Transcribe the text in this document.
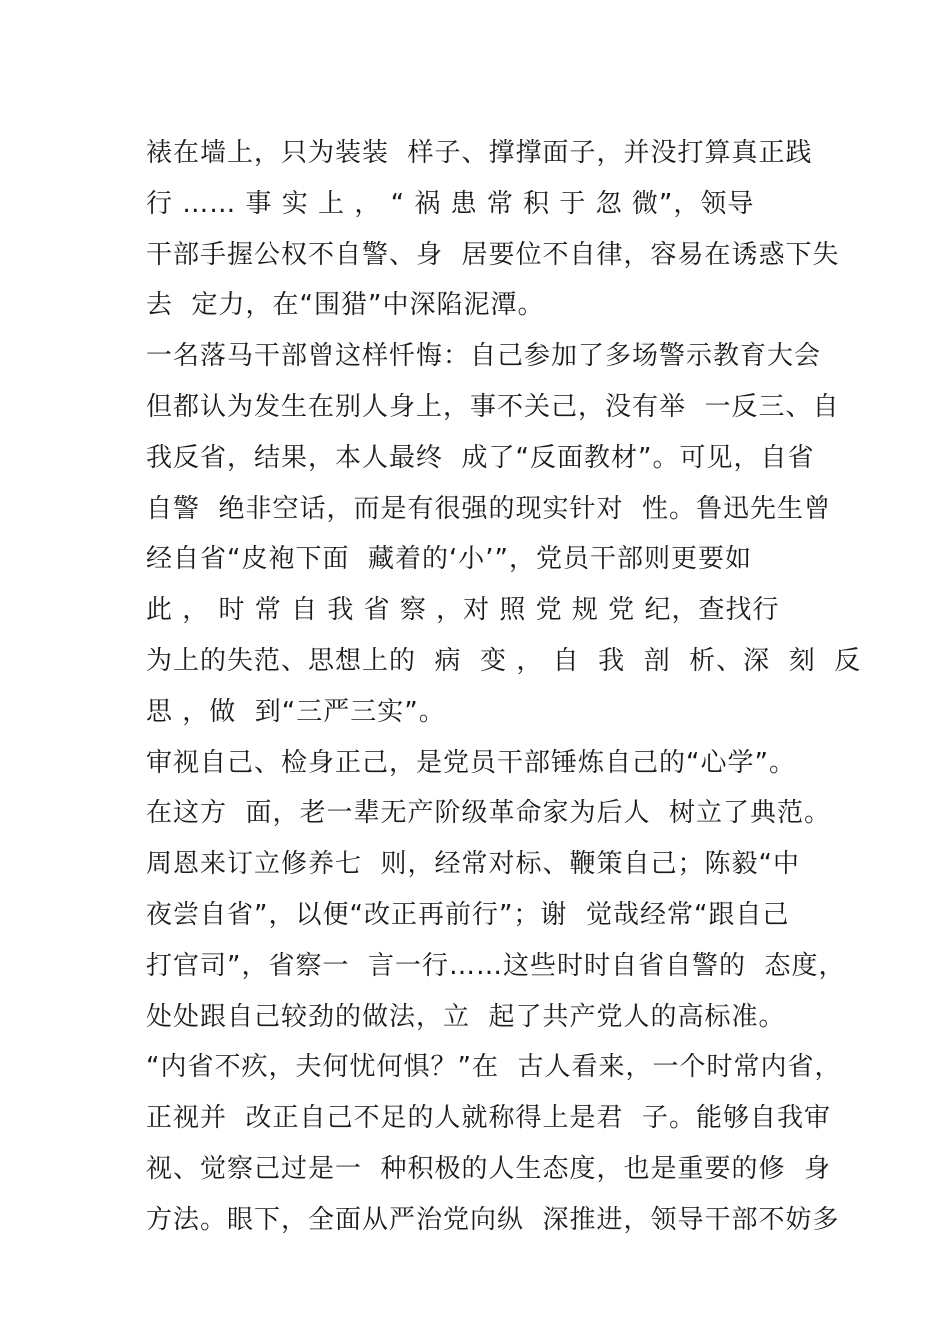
裱在墙上，只为装装  样子、撑撑面子，并没打算真正践
行 …… 事 实 上 ， “ 祸 患 常 积 于 忽 微”，领导
干部手握公权不自警、身  居要位不自律，容易在诱惑下失
去  定力，在“围猎”中深陷泥潭。
一名落马干部曾这样忏悔：自己参加了多场警示教育大会
但都认为发生在别人身上，事不关己，没有举  一反三、自
我反省，结果，本人最终  成了“反面教材”。可见，自省
自警  绝非空话，而是有很强的现实针对  性。鲁迅先生曾
经自省“皮袍下面  藏着的‘小’”，党员干部则更要如
此 ， 时 常 自 我 省 察 ，对 照 党 规 党 纪，查找行
为上的失范、思想上的  病  变 ， 自  我  剖  析、深  刻  反
思 ，做  到“三严三实”。
审视自己、检身正己，是党员干部锤炼自己的“心学”。
在这方  面，老一辈无产阶级革命家为后人  树立了典范。
周恩来订立修养七  则，经常对标、鞭策自己；陈毅“中
夜尝自省”，以便“改正再前行”；谢  觉哉经常“跟自己
打官司”，省察一  言一行……这些时时自省自警的  态度，
处处跟自己较劲的做法，立  起了共产党人的高标准。
“内省不疚，夫何忧何惧？”在  古人看来，一个时常内省，
正视并  改正自己不足的人就称得上是君  子。能够自我审
视、觉察己过是一  种积极的人生态度，也是重要的修  身
方法。眼下，全面从严治党向纵  深推进，领导干部不妨多
